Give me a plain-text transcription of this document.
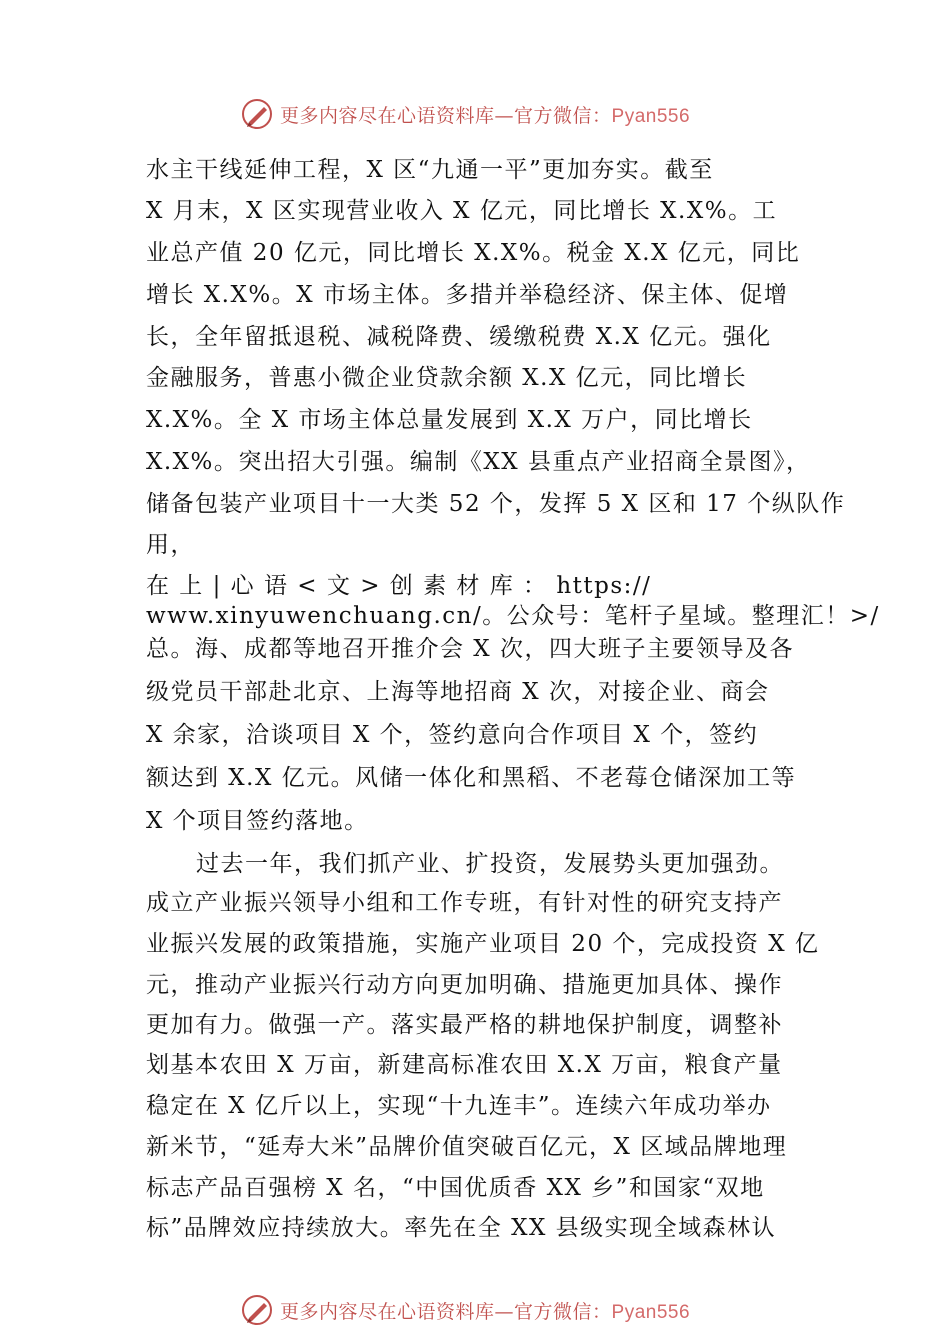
更多内容尽在心语资料库—官方微信：Pyan556
水主干线延伸工程，X 区“九通一平”更加夯实。截至
X 月末，X 区实现营业收入 X 亿元，同比增长 X.X%。工
业总产值 20 亿元，同比增长 X.X%。税金 X.X 亿元，同比
增长 X.X%。X 市场主体。多措并举稳经济、保主体、促增
长，全年留抵退税、减税降费、缓缴税费 X.X 亿元。强化
金融服务，普惠小微企业贷款余额 X.X 亿元，同比增长
X.X%。全 X 市场主体总量发展到 X.X 万户，同比增长
X.X%。突出招大引强。编制《XX 县重点产业招商全景图》，
储备包装产业项目十一大类 52 个，发挥 5 X 区和 17 个纵队作
用，
在 上 | 心 语 < 文 > 创 素 材 库 ： https://
www.xinyuwenchuang.cn/。公众号：笔杆子星域。整理汇！>/
总。海、成都等地召开推介会 X 次，四大班子主要领导及各
级党员干部赴北京、上海等地招商 X 次，对接企业、商会
X 余家，洽谈项目 X 个，签约意向合作项目 X 个，签约
额达到 X.X 亿元。风储一体化和黑稻、不老莓仓储深加工等
X 个项目签约落地。
过去一年，我们抓产业、扩投资，发展势头更加强劲。
成立产业振兴领导小组和工作专班，有针对性的研究支持产
业振兴发展的政策措施，实施产业项目 20 个，完成投资 X 亿
元，推动产业振兴行动方向更加明确、措施更加具体、操作
更加有力。做强一产。落实最严格的耕地保护制度，调整补
划基本农田 X 万亩，新建高标准农田 X.X 万亩，粮食产量
稳定在 X 亿斤以上，实现“十九连丰”。连续六年成功举办
新米节，“延寿大米”品牌价值突破百亿元，X 区域品牌地理
标志产品百强榜 X 名，“中国优质香 XX 乡”和国家“双地
标”品牌效应持续放大。率先在全 XX 县级实现全域森林认
更多内容尽在心语资料库—官方微信：Pyan556
